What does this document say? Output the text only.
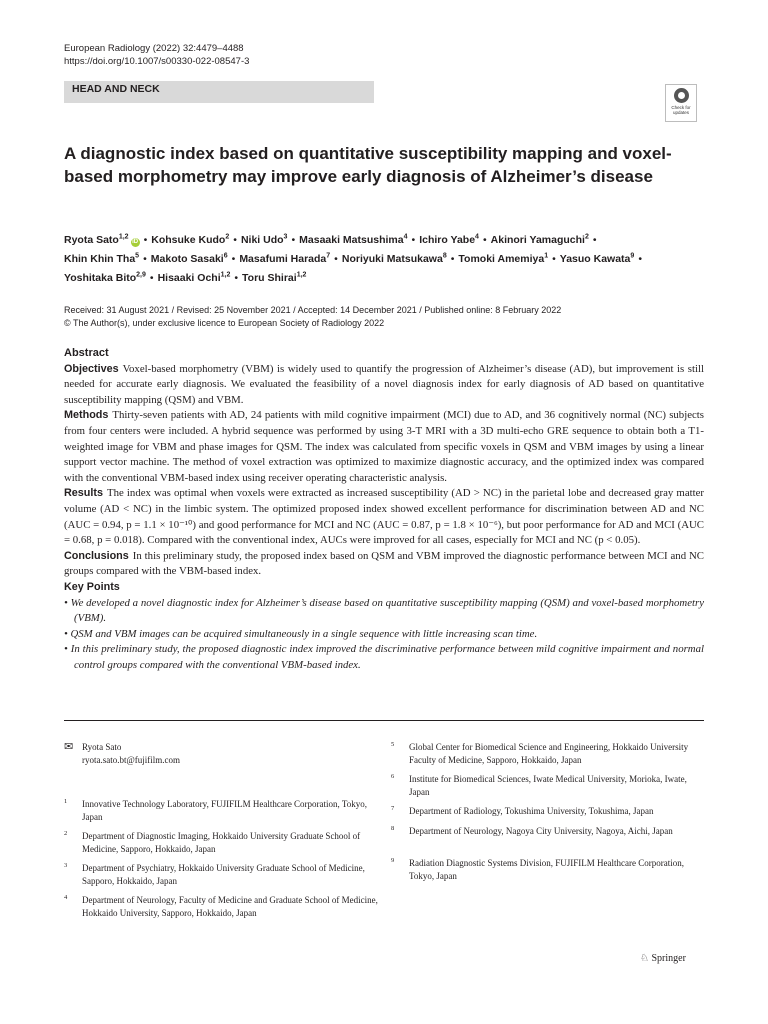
European Radiology (2022) 32:4479–4488
https://doi.org/10.1007/s00330-022-08547-3
HEAD AND NECK
Check for updates
A diagnostic index based on quantitative susceptibility mapping and voxel-based morphometry may improve early diagnosis of Alzheimer’s disease
Ryota Sato$^{1,2}$iD • Kohsuke Kudo$^2$ • Niki Udo$^3$ • Masaaki Matsushima$^4$ • Ichiro Yabe$^4$ • Akinori Yamaguchi$^2$ •
Khin Khin Tha$^5$ • Makoto Sasaki$^6$ • Masafumi Harada$^7$ • Noriyuki Matsukawa$^8$ • Tomoki Amemiya$^1$ • Yasuo Kawata$^9$ •
Yoshitaka Bito$^{2,9}$ • Hisaaki Ochi$^{1,2}$ • Toru Shirai$^{1,2}$
Received: 31 August 2021 / Revised: 25 November 2021 / Accepted: 14 December 2021 / Published online: 8 February 2022
© The Author(s), under exclusive licence to European Society of Radiology 2022
Abstract

Objectives Voxel-based morphometry (VBM) is widely used to quantify the progression of Alzheimer’s disease (AD), but improvement is still needed for accurate early diagnosis. We evaluated the feasibility of a novel diagnosis index for early diagnosis of AD based on quantitative susceptibility mapping (QSM) and VBM.

Methods Thirty-seven patients with AD, 24 patients with mild cognitive impairment (MCI) due to AD, and 36 cognitively normal (NC) subjects from four centers were included. A hybrid sequence was performed by using 3-T MRI with a 3D multi-echo GRE sequence to obtain both a T1-weighted image for VBM and phase images for QSM. The index was calculated from specific voxels in QSM and VBM images by using a linear support vector machine. The method of voxel extraction was optimized to maximize diagnostic accuracy, and the optimized index was compared with the conventional VBM-based index using receiver operating characteristic analysis.

Results The index was optimal when voxels were extracted as increased susceptibility (AD > NC) in the parietal lobe and decreased gray matter volume (AD < NC) in the limbic system. The optimized proposed index showed excellent performance for discrimination between AD and NC (AUC = 0.94, p = 1.1 × 10⁻¹⁰) and good performance for MCI and NC (AUC = 0.87, p = 1.8 × 10⁻⁶), but poor performance for AD and MCI (AUC = 0.68, p = 0.018). Compared with the conventional index, AUCs were improved for all cases, especially for MCI and NC (p < 0.05).

Conclusions In this preliminary study, the proposed index based on QSM and VBM improved the diagnostic performance between MCI and NC groups compared with the VBM-based index.

Key Points
• We developed a novel diagnostic index for Alzheimer’s disease based on quantitative susceptibility mapping (QSM) and voxel-based morphometry (VBM).
• QSM and VBM images can be acquired simultaneously in a single sequence with little increasing scan time.
• In this preliminary study, the proposed diagnostic index improved the discriminative performance between mild cognitive impairment and normal control groups compared with the conventional VBM-based index.
✉ Ryota Sato
ryota.sato.bt@fujifilm.com
1 Innovative Technology Laboratory, FUJIFILM Healthcare Corporation, Tokyo, Japan
2 Department of Diagnostic Imaging, Hokkaido University Graduate School of Medicine, Sapporo, Hokkaido, Japan
3 Department of Psychiatry, Hokkaido University Graduate School of Medicine, Sapporo, Hokkaido, Japan
4 Department of Neurology, Faculty of Medicine and Graduate School of Medicine, Hokkaido University, Sapporo, Hokkaido, Japan
5 Global Center for Biomedical Science and Engineering, Hokkaido University Faculty of Medicine, Sapporo, Hokkaido, Japan
6 Institute for Biomedical Sciences, Iwate Medical University, Morioka, Iwate, Japan
7 Department of Radiology, Tokushima University, Tokushima, Japan
8 Department of Neurology, Nagoya City University, Nagoya, Aichi, Japan
9 Radiation Diagnostic Systems Division, FUJIFILM Healthcare Corporation, Tokyo, Japan
♘ Springer
